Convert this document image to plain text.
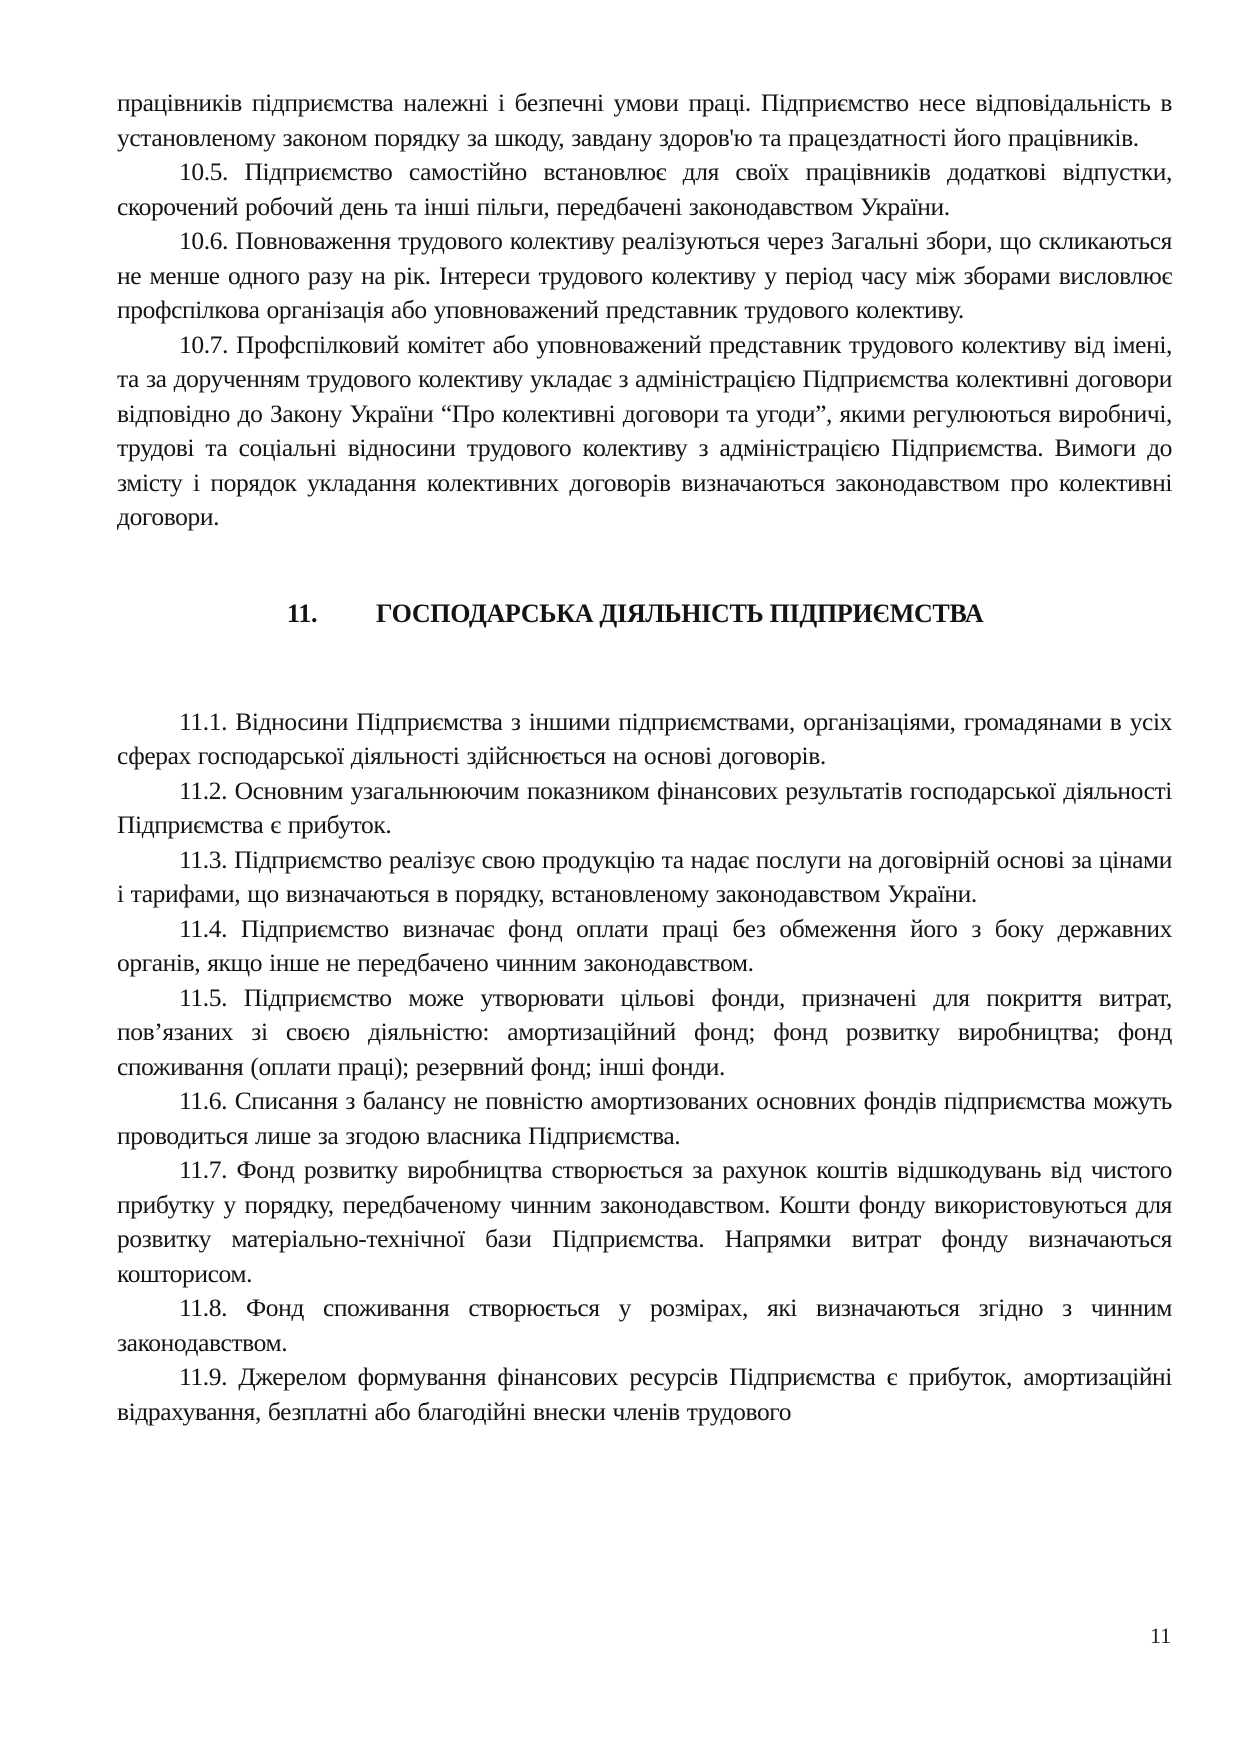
працівників підприємства належні і безпечні умови праці. Підприємство несе відповідальність в установленому законом порядку за шкоду, завдану здоров'ю та працездатності його працівників.

10.5. Підприємство самостійно встановлює для своїх працівників додаткові відпустки, скорочений робочий день та інші пільги, передбачені законодавством України.

10.6. Повноваження трудового колективу реалізуються через Загальні збори, що скликаються не менше одного разу на рік. Інтереси трудового колективу у період часу між зборами висловлює профспілкова організація або уповноважений представник трудового колективу.

10.7. Профспілковий комітет або уповноважений представник трудового колективу від імені, та за дорученням трудового колективу укладає з адміністрацією Підприємства колективні договори відповідно до Закону України “Про колективні договори та угоди”, якими регулюються виробничі, трудові та соціальні відносини трудового колективу з адміністрацією Підприємства. Вимоги до змісту і порядок укладання колективних договорів визначаються законодавством про колективні договори.

11. ГОСПОДАРСЬКА ДІЯЛЬНІСТЬ ПІДПРИЄМСТВА

11.1. Відносини Підприємства з іншими підприємствами, організаціями, громадянами в усіх сферах господарської діяльності здійснюється на основі договорів.

11.2. Основним узагальнюючим показником фінансових результатів господарської діяльності Підприємства є прибуток.

11.3. Підприємство реалізує свою продукцію та надає послуги на договірній основі за цінами і тарифами, що визначаються в порядку, встановленому законодавством України.

11.4. Підприємство визначає фонд оплати праці без обмеження його з боку державних органів, якщо інше не передбачено чинним законодавством.

11.5. Підприємство може утворювати цільові фонди, призначені для покриття витрат, пов’язаних зі своєю діяльністю: амортизаційний фонд; фонд розвитку виробництва; фонд споживання (оплати праці); резервний фонд; інші фонди.

11.6. Списання з балансу не повністю амортизованих основних фондів підприємства можуть проводиться лише за згодою власника Підприємства.

11.7. Фонд розвитку виробництва створюється за рахунок коштів відшкодувань від чистого прибутку у порядку, передбаченому чинним законодавством. Кошти фонду використовуються для розвитку матеріально-технічної бази Підприємства. Напрямки витрат фонду визначаються кошторисом.

11.8. Фонд споживання створюється у розмірах, які визначаються згідно з чинним законодавством.

11.9. Джерелом формування фінансових ресурсів Підприємства є прибуток, амортизаційні відрахування, безплатні або благодійні внески членів трудового

11
